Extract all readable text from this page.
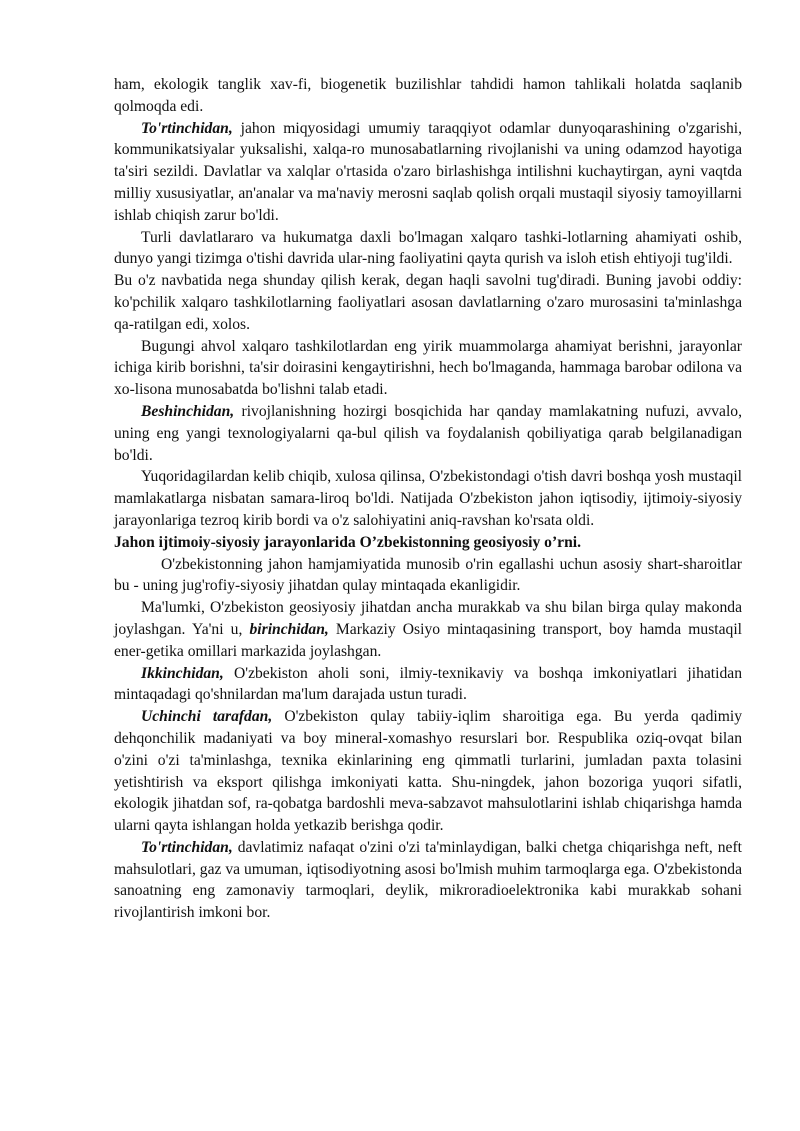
ham, ekologik tanglik xav-fi, biogenetik buzilishlar tahdidi hamon tahlikali holatda saqlanib qolmoqda edi.

To'rtinchidan, jahon miqyosidagi umumiy taraqqiyot odamlar dunyoqarashining o'zgarishi, kommunikatsiyalar yuksalishi, xalqa-ro munosabatlarning rivojlanishi va uning odamzod hayotiga ta'siri sezildi. Davlatlar va xalqlar o'rtasida o'zaro birlashishga intilishni kuchaytirgan, ayni vaqtda milliy xususiyatlar, an'analar va ma'naviy merosni saqlab qolish orqali mustaqil siyosiy tamoyillarni ishlab chiqish zarur bo'ldi.

Turli davlatlararo va hukumatga daxli bo'lmagan xalqaro tashki-lotlarning ahamiyati oshib, dunyo yangi tizimga o'tishi davrida ular-ning faoliyatini qayta qurish va isloh etish ehtiyoji tug'ildi.

Bu o'z navbatida nega shunday qilish kerak, degan haqli savolni tug'diradi. Buning javobi oddiy: ko'pchilik xalqaro tashkilotlarning faoliyatlari asosan davlatlarning o'zaro murosasini ta'minlashga qa-ratilgan edi, xolos.

Bugungi ahvol xalqaro tashkilotlardan eng yirik muammolarga ahamiyat berishni, jarayonlar ichiga kirib borishni, ta'sir doirasini kengaytirishni, hech bo'lmaganda, hammaga barobar odilona va xo-lisona munosabatda bo'lishni talab etadi.

Beshinchidan, rivojlanishning hozirgi bosqichida har qanday mamlakatning nufuzi, avvalo, uning eng yangi texnologiyalarni qa-bul qilish va foydalanish qobiliyatiga qarab belgilanadigan bo'ldi.

Yuqoridagilardan kelib chiqib, xulosa qilinsa, O'zbekistondagi o'tish davri boshqa yosh mustaqil mamlakatlarga nisbatan samara-liroq bo'ldi. Natijada O'zbekiston jahon iqtisodiy, ijtimoiy-siyosiy jarayonlariga tezroq kirib bordi va o'z salohiyatini aniq-ravshan ko'rsata oldi.

Jahon ijtimoiy-siyosiy jarayonlarida O’zbekistonning geosiyosiy o’rni.

O'zbekistonning jahon hamjamiyatida munosib o'rin egallashi uchun asosiy shart-sharoitlar bu - uning jug'rofiy-siyosiy jihatdan qulay mintaqada ekanligidir.

Ma'lumki, O'zbekiston geosiyosiy jihatdan ancha murakkab va shu bilan birga qulay makonda joylashgan. Ya'ni u, birinchidan, Markaziy Osiyo mintaqasining transport, boy hamda mustaqil ener-getika omillari markazida joylashgan.

Ikkinchidan, O'zbekiston aholi soni, ilmiy-texnikaviy va boshqa imkoniyatlari jihatidan mintaqadagi qo'shnilardan ma'lum darajada ustun turadi.

Uchinchi tarafdan, O'zbekiston qulay tabiiy-iqlim sharoitiga ega. Bu yerda qadimiy dehqonchilik madaniyati va boy mineral-xomashyo resurslari bor. Respublika oziq-ovqat bilan o'zini o'zi ta'minlashga, texnika ekinlarining eng qimmatli turlarini, jumladan paxta tolasini yetishtirish va eksport qilishga imkoniyati katta. Shu-ningdek, jahon bozoriga yuqori sifatli, ekologik jihatdan sof, ra-qobatga bardoshli meva-sabzavot mahsulotlarini ishlab chiqarishga hamda ularni qayta ishlangan holda yetkazib berishga qodir.

To'rtinchidan, davlatimiz nafaqat o'zini o'zi ta'minlaydigan, balki chetga chiqarishga neft, neft mahsulotlari, gaz va umuman, iqtisodiyotning asosi bo'lmish muhim tarmoqlarga ega. O'zbekistonda sanoatning eng zamonaviy tarmoqlari, deylik, mikroradioelektronika kabi murakkab sohani rivojlantirish imkoni bor.
